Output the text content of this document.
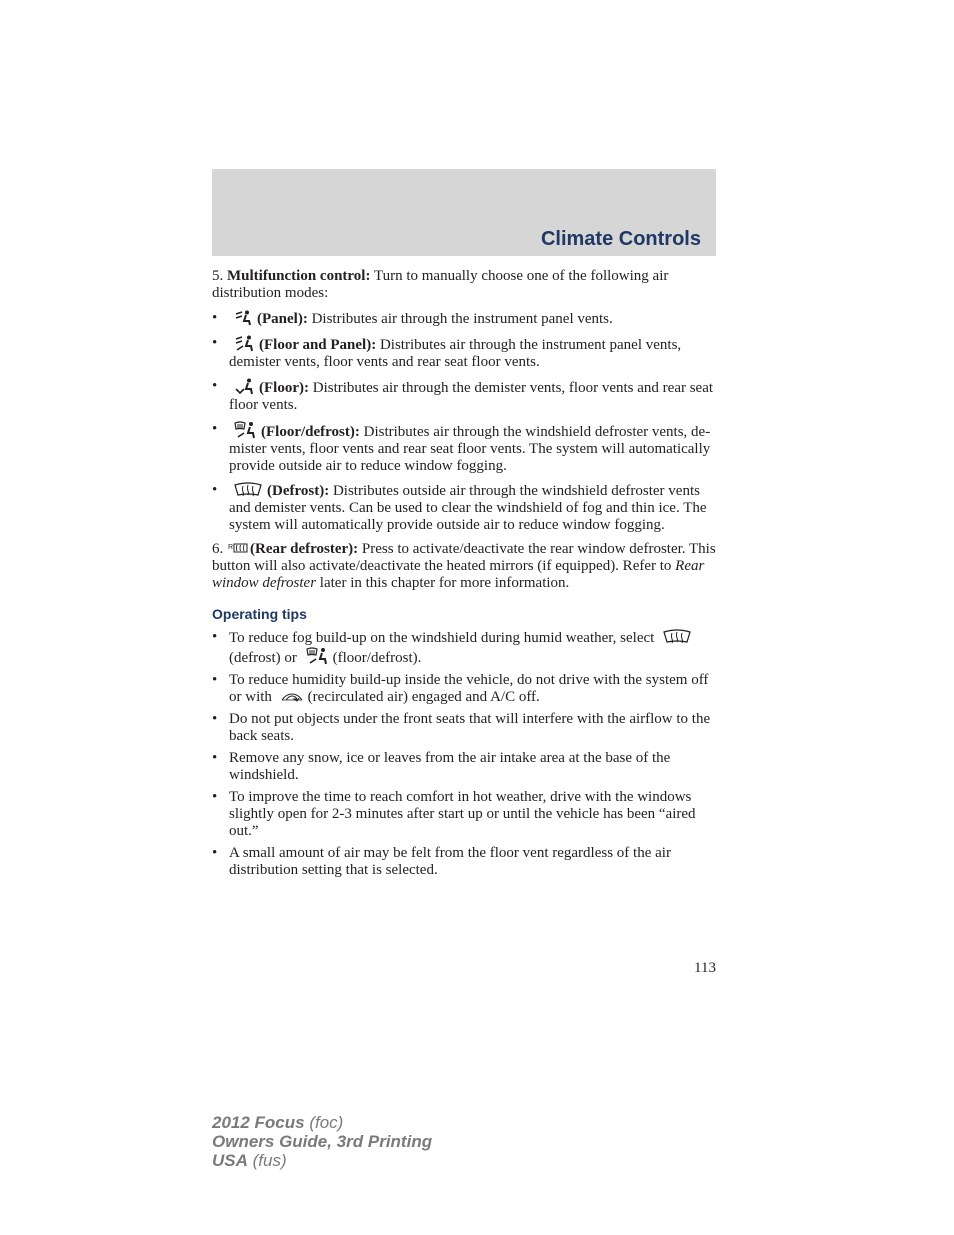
Climate Controls

5. Multifunction control: Turn to manually choose one of the following air distribution modes:

•	(Panel): Distributes air through the instrument panel vents.
•	(Floor and Panel): Distributes air through the instrument panel vents, demister vents, floor vents and rear seat floor vents.
•	(Floor): Distributes air through the demister vents, floor vents and rear seat floor vents.
•	(Floor/defrost): Distributes air through the windshield defroster vents, de-mister vents, floor vents and rear seat floor vents. The system will automatically provide outside air to reduce window fogging.
•	(Defrost): Distributes outside air through the windshield defroster vents and demister vents. Can be used to clear the windshield of fog and thin ice. The system will automatically provide outside air to reduce window fogging.

6. R (Rear defroster): Press to activate/deactivate the rear window defroster. This button will also activate/deactivate the heated mirrors (if equipped). Refer to Rear window defroster later in this chapter for more information.

Operating tips
• To reduce fog build-up on the windshield during humid weather, select (defrost) or (floor/defrost).
• To reduce humidity build-up inside the vehicle, do not drive with the system off or with (recirculated air) engaged and A/C off.
• Do not put objects under the front seats that will interfere with the airflow to the back seats.
• Remove any snow, ice or leaves from the air intake area at the base of the windshield.
• To improve the time to reach comfort in hot weather, drive with the windows slightly open for 2-3 minutes after start up or until the vehicle has been “aired out.”
• A small amount of air may be felt from the floor vent regardless of the air distribution setting that is selected.
113
2012 Focus (foc)
Owners Guide, 3rd Printing
USA (fus)
